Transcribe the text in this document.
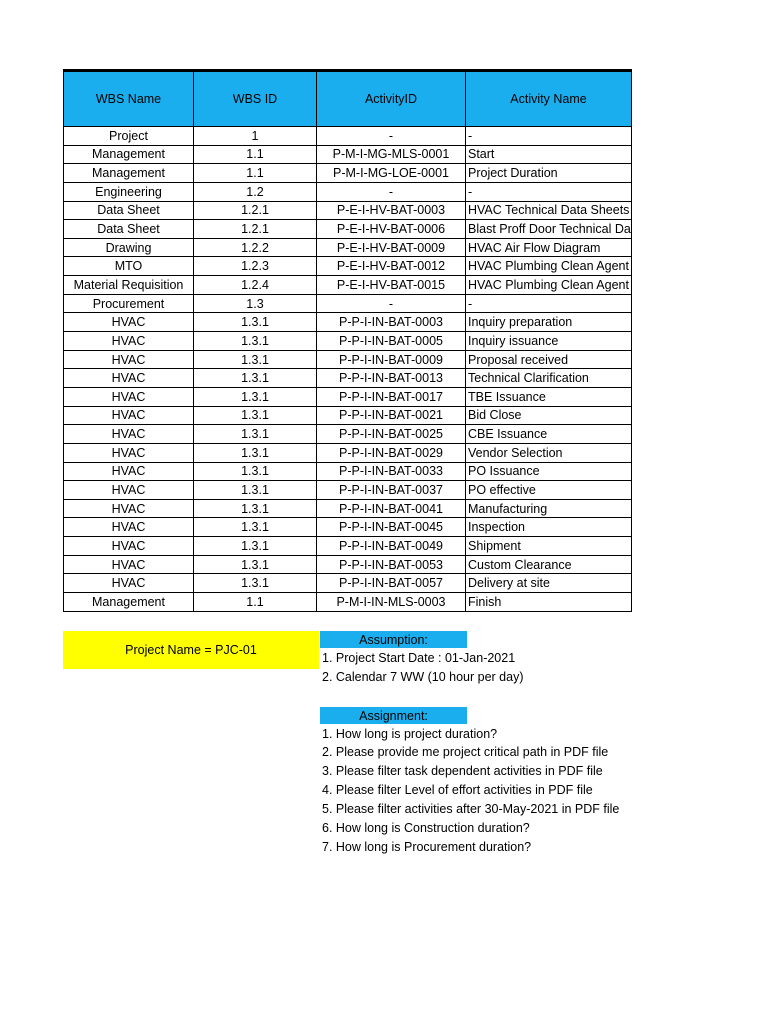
WBS Name	WBS ID	ActivityID	Activity Name
Project	1	-	-
Management	1.1	P-M-I-MG-MLS-0001	Start
Management	1.1	P-M-I-MG-LOE-0001	Project Duration
Engineering	1.2	-	-
Data Sheet	1.2.1	P-E-I-HV-BAT-0003	HVAC Technical Data Sheets
Data Sheet	1.2.1	P-E-I-HV-BAT-0006	Blast Proff Door Technical Da
Drawing	1.2.2	P-E-I-HV-BAT-0009	HVAC Air Flow Diagram
MTO	1.2.3	P-E-I-HV-BAT-0012	HVAC Plumbing Clean Agent
Material Requisition	1.2.4	P-E-I-HV-BAT-0015	HVAC Plumbing Clean Agent
Procurement	1.3	-	-
HVAC	1.3.1	P-P-I-IN-BAT-0003	Inquiry preparation
HVAC	1.3.1	P-P-I-IN-BAT-0005	Inquiry issuance
HVAC	1.3.1	P-P-I-IN-BAT-0009	Proposal received
HVAC	1.3.1	P-P-I-IN-BAT-0013	Technical Clarification
HVAC	1.3.1	P-P-I-IN-BAT-0017	TBE Issuance
HVAC	1.3.1	P-P-I-IN-BAT-0021	Bid Close
HVAC	1.3.1	P-P-I-IN-BAT-0025	CBE Issuance
HVAC	1.3.1	P-P-I-IN-BAT-0029	Vendor Selection
HVAC	1.3.1	P-P-I-IN-BAT-0033	PO Issuance
HVAC	1.3.1	P-P-I-IN-BAT-0037	PO effective
HVAC	1.3.1	P-P-I-IN-BAT-0041	Manufacturing
HVAC	1.3.1	P-P-I-IN-BAT-0045	Inspection
HVAC	1.3.1	P-P-I-IN-BAT-0049	Shipment
HVAC	1.3.1	P-P-I-IN-BAT-0053	Custom Clearance
HVAC	1.3.1	P-P-I-IN-BAT-0057	Delivery at site
Management	1.1	P-M-I-IN-MLS-0003	Finish
Project Name = PJC-01
Assumption:
1. Project Start Date : 01-Jan-2021
2. Calendar 7 WW (10 hour per day)
Assignment:
1. How long is project duration?
2. Please provide me project critical path in PDF file
3. Please filter task dependent activities in PDF file
4. Please filter Level of effort activities in PDF file
5. Please filter activities after 30-May-2021 in PDF file
6. How long is Construction duration?
7. How long is Procurement duration?
